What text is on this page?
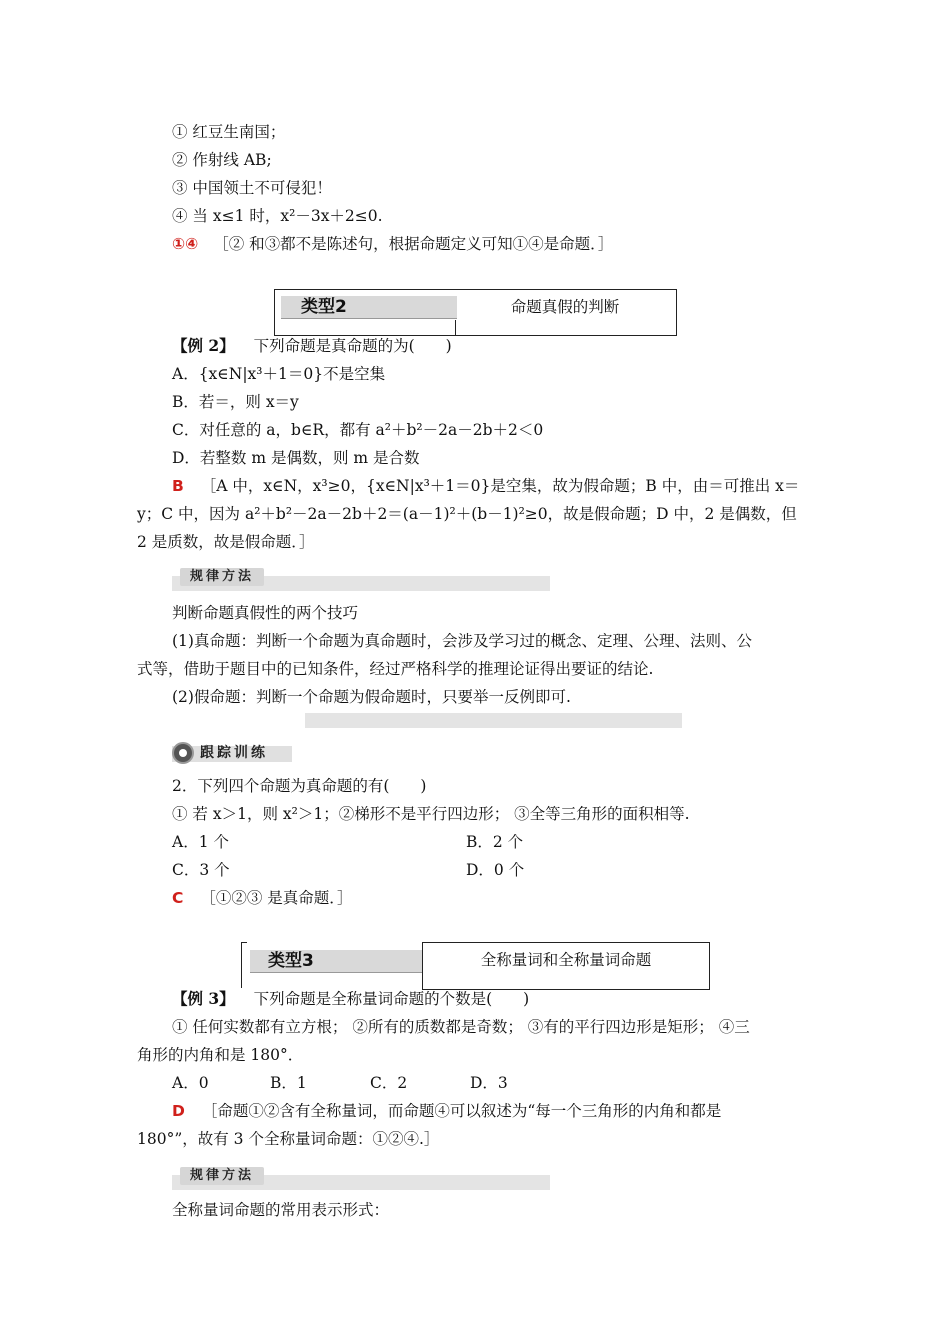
① 红豆生南国；
② 作射线 AB;
③ 中国领土不可侵犯！
④ 当 x≤1 时，x²－3x＋2≤0.
①④ ［② 和③都不是陈述句，根据命题定义可知①④是命题．］
类型2	命题真假的判断
【例 2】 下列命题是真命题的为(　　)
A．{x∈N|x³＋1＝0}不是空集
B．若＝，则 x＝y
C．对任意的 a，b∈R，都有 a²＋b²－2a－2b＋2＜0
D．若整数 m 是偶数，则 m 是合数
B ［A 中，x∈N，x³≥0，{x∈N|x³＋1＝0}是空集，故为假命题；B 中，由＝可推出 x＝
y；C 中，因为 a²＋b²－2a－2b＋2＝(a－1)²＋(b－1)²≥0，故是假命题；D 中，2 是偶数，但
2 是质数，故是假命题．］
规律方法
判断命题真假性的两个技巧
(1)真命题：判断一个命题为真命题时，会涉及学习过的概念、定理、公理、法则、公
式等，借助于题目中的已知条件，经过严格科学的推理论证得出要证的结论.
(2)假命题：判断一个命题为假命题时，只要举一反例即可.
跟踪训练
2．下列四个命题为真命题的有(　　)
① 若 x＞1，则 x²＞1；②梯形不是平行四边形； ③全等三角形的面积相等.
A．1 个	B．2 个
C．3 个	D．0 个
C ［①②③ 是真命题．］
类型3	全称量词和全称量词命题
【例 3】 下列命题是全称量词命题的个数是(　　)
① 任何实数都有立方根； ②所有的质数都是奇数； ③有的平行四边形是矩形； ④三
角形的内角和是 180°．
A．0	B．1	C．2	D．3
D ［命题①②含有全称量词，而命题④可以叙述为“每一个三角形的内角和都是
180°”，故有 3 个全称量词命题：①②④.］
规律方法
全称量词命题的常用表示形式：
